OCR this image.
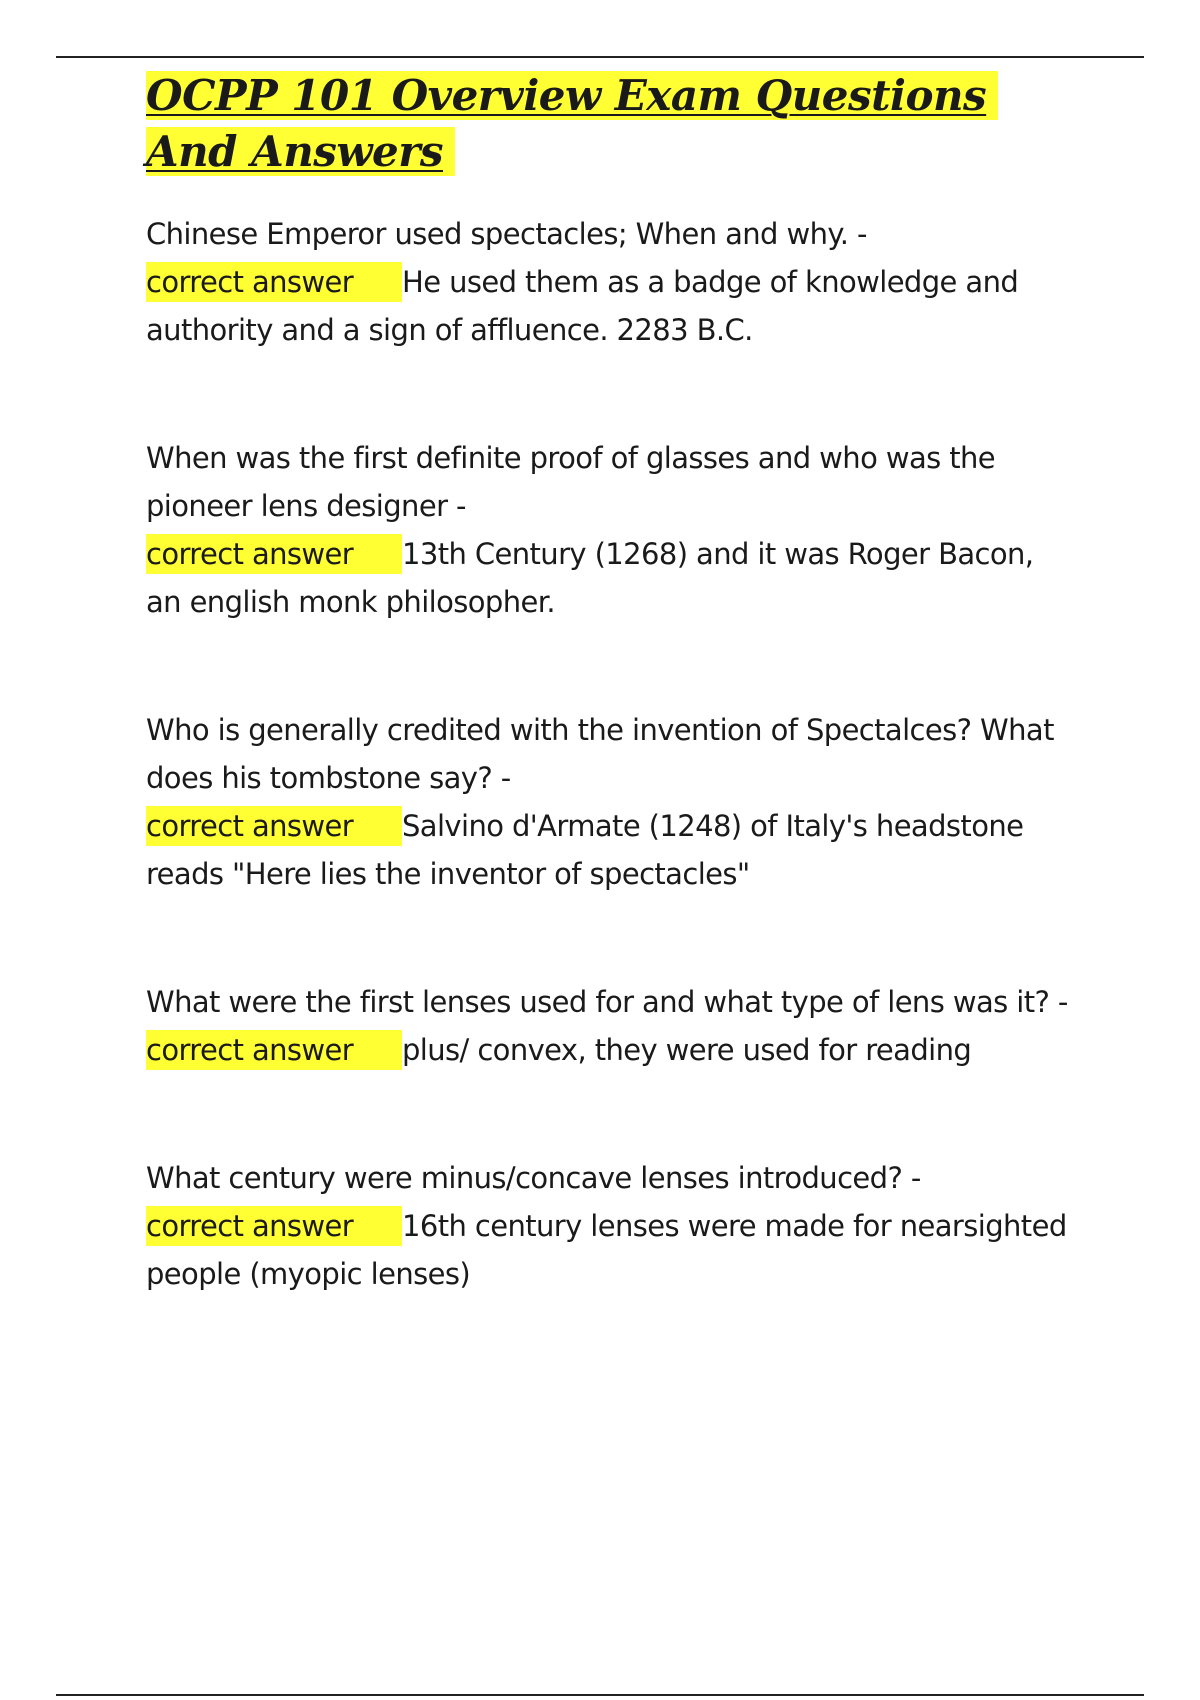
OCPP 101 Overview Exam Questions And Answers
Chinese Emperor used spectacles; When and why. -
correct answer He used them as a badge of knowledge and authority and a sign of affluence. 2283 B.C.
When was the first definite proof of glasses and who was the pioneer lens designer -
correct answer 13th Century (1268) and it was Roger Bacon, an english monk philosopher.
Who is generally credited with the invention of Spectalces? What does his tombstone say? -
correct answer Salvino d'Armate (1248) of Italy's headstone reads "Here lies the inventor of spectacles"
What were the first lenses used for and what type of lens was it? -
correct answer plus/ convex, they were used for reading
What century were minus/concave lenses introduced? -
correct answer 16th century lenses were made for nearsighted people (myopic lenses)
